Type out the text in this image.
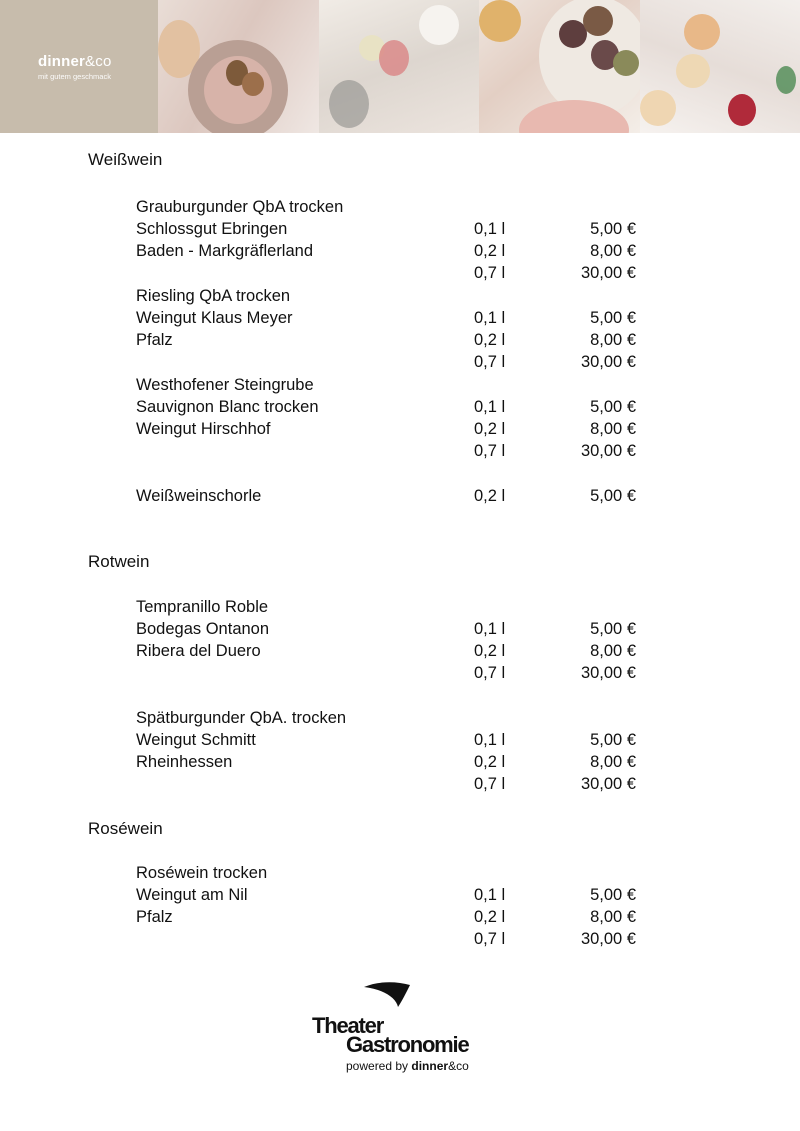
dinner&co
mit gutem geschmack
Weißwein
Grauburgunder QbA trocken
Schlossgut Ebringen	0,1 l	5,00 €
Baden - Markgräflerland	0,2 l	8,00 €
0,7 l	30,00 €
Riesling QbA trocken
Weingut Klaus Meyer	0,1 l	5,00 €
Pfalz	0,2 l	8,00 €
0,7 l	30,00 €
Westhofener Steingrube
Sauvignon Blanc trocken	0,1 l	5,00 €
Weingut Hirschhof	0,2 l	8,00 €
0,7 l	30,00 €
Weißweinschorle	0,2 l	5,00 €
Rotwein
Tempranillo Roble
Bodegas Ontanon	0,1 l	5,00 €
Ribera del Duero	0,2 l	8,00 €
0,7 l	30,00 €
Spätburgunder QbA. trocken
Weingut Schmitt	0,1 l	5,00 €
Rheinhessen	0,2 l	8,00 €
0,7 l	30,00 €
Roséwein
Roséwein trocken
Weingut am Nil	0,1 l	5,00 €
Pfalz	0,2 l	8,00 €
0,7 l	30,00 €
Theater
Gastronomie
powered by dinner&co
